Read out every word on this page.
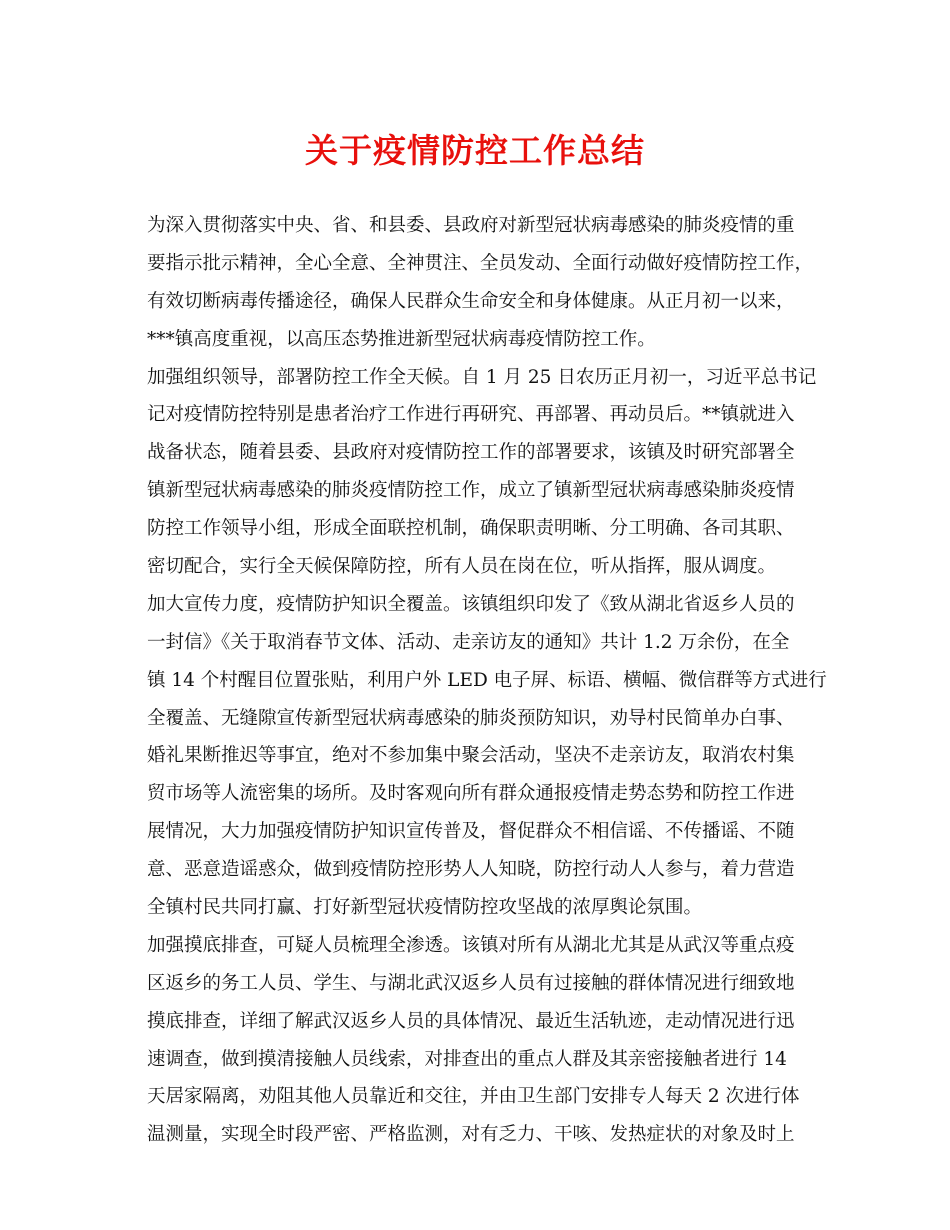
关于疫情防控工作总结
为深入贯彻落实中央、省、和县委、县政府对新型冠状病毒感染的肺炎疫情的重
要指示批示精神，全心全意、全神贯注、全员发动、全面行动做好疫情防控工作，
有效切断病毒传播途径，确保人民群众生命安全和身体健康。从正月初一以来，
***镇高度重视，以高压态势推进新型冠状病毒疫情防控工作。
加强组织领导，部署防控工作全天候。自 1 月 25 日农历正月初一，习近平总书记
记对疫情防控特别是患者治疗工作进行再研究、再部署、再动员后。**镇就进入
战备状态，随着县委、县政府对疫情防控工作的部署要求，该镇及时研究部署全
镇新型冠状病毒感染的肺炎疫情防控工作，成立了镇新型冠状病毒感染肺炎疫情
防控工作领导小组，形成全面联控机制，确保职责明晰、分工明确、各司其职、
密切配合，实行全天候保障防控，所有人员在岗在位，听从指挥，服从调度。
加大宣传力度，疫情防护知识全覆盖。该镇组织印发了《致从湖北省返乡人员的
一封信》《关于取消春节文体、活动、走亲访友的通知》共计 1.2 万余份，在全
镇 14 个村醒目位置张贴，利用户外 LED 电子屏、标语、横幅、微信群等方式进行
全覆盖、无缝隙宣传新型冠状病毒感染的肺炎预防知识，劝导村民简单办白事、
婚礼果断推迟等事宜，绝对不参加集中聚会活动，坚决不走亲访友，取消农村集
贸市场等人流密集的场所。及时客观向所有群众通报疫情走势态势和防控工作进
展情况，大力加强疫情防护知识宣传普及，督促群众不相信谣、不传播谣、不随
意、恶意造谣惑众，做到疫情防控形势人人知晓，防控行动人人参与，着力营造
全镇村民共同打赢、打好新型冠状疫情防控攻坚战的浓厚舆论氛围。
加强摸底排查，可疑人员梳理全渗透。该镇对所有从湖北尤其是从武汉等重点疫
区返乡的务工人员、学生、与湖北武汉返乡人员有过接触的群体情况进行细致地
摸底排查，详细了解武汉返乡人员的具体情况、最近生活轨迹，走动情况进行迅
速调查，做到摸清接触人员线索，对排查出的重点人群及其亲密接触者进行 14
天居家隔离，劝阻其他人员靠近和交往，并由卫生部门安排专人每天 2 次进行体
温测量，实现全时段严密、严格监测，对有乏力、干咳、发热症状的对象及时上
